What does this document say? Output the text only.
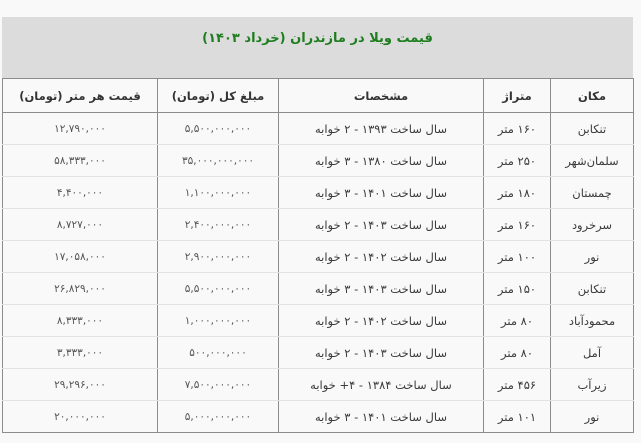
قیمت ویلا در مازندران (خرداد ۱۴۰۳)
مکان	متراژ	مشخصات	مبلغ کل (تومان)	قیمت هر متر (تومان)
تنکابن	۱۶۰ متر	سال ساخت ۱۳۹۳ - ۲ خوابه	۵,۵۰۰,۰۰۰,۰۰۰	۱۲,۷۹۰,۰۰۰
سلمان‌شهر	۲۵۰ متر	سال ساخت ۱۳۸۰ - ۳ خوابه	۳۵,۰۰۰,۰۰۰,۰۰۰	۵۸,۳۳۳,۰۰۰
چمستان	۱۸۰ متر	سال ساخت ۱۴۰۱ - ۳ خوابه	۱,۱۰۰,۰۰۰,۰۰۰	۴,۴۰۰,۰۰۰
سرخرود	۱۶۰ متر	سال ساخت ۱۴۰۳ - ۲ خوابه	۲,۴۰۰,۰۰۰,۰۰۰	۸,۷۲۷,۰۰۰
نور	۱۰۰ متر	سال ساخت ۱۴۰۲ - ۲ خوابه	۲,۹۰۰,۰۰۰,۰۰۰	۱۷,۰۵۸,۰۰۰
تنکابن	۱۵۰ متر	سال ساخت ۱۴۰۳ - ۳ خوابه	۵,۵۰۰,۰۰۰,۰۰۰	۲۶,۸۲۹,۰۰۰
محمودآباد	۸۰ متر	سال ساخت ۱۴۰۲ - ۲ خوابه	۱,۰۰۰,۰۰۰,۰۰۰	۸,۳۳۳,۰۰۰
آمل	۸۰ متر	سال ساخت ۱۴۰۳ - ۲ خوابه	۵۰۰,۰۰۰,۰۰۰	۳,۳۳۳,۰۰۰
زیرآب	۴۵۶ متر	سال ساخت ۱۳۸۴ - ۴+ خوابه	۷,۵۰۰,۰۰۰,۰۰۰	۲۹,۲۹۶,۰۰۰
نور	۱۰۱ متر	سال ساخت ۱۴۰۱ - ۳ خوابه	۵,۰۰۰,۰۰۰,۰۰۰	۲۰,۰۰۰,۰۰۰
